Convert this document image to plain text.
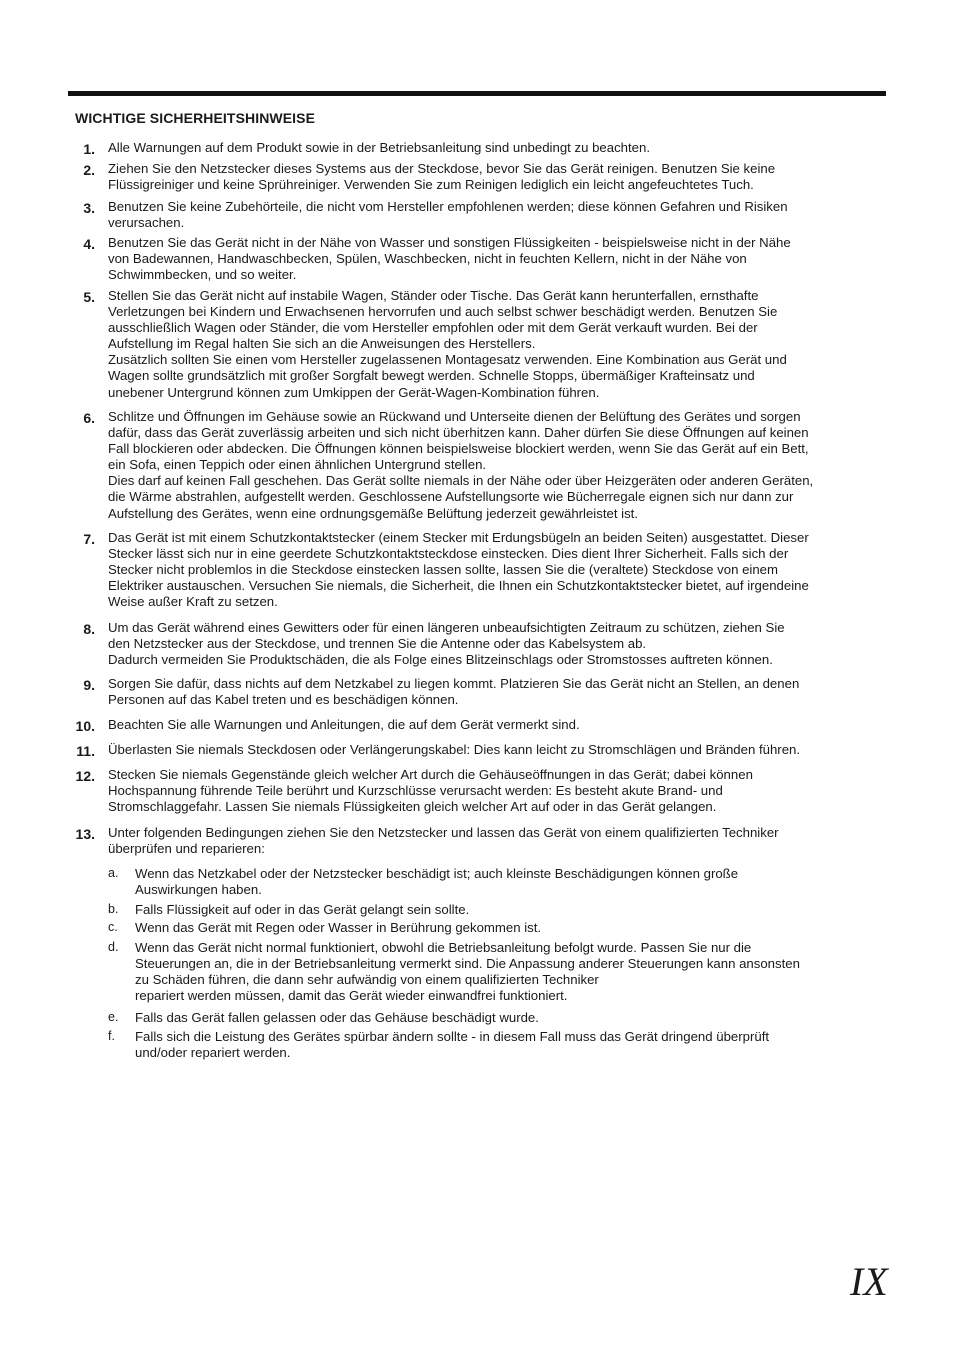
WICHTIGE SICHERHEITSHINWEISE
1. Alle Warnungen auf dem Produkt sowie in der Betriebsanleitung sind unbedingt zu beachten.

2. Ziehen Sie den Netzstecker dieses Systems aus der Steckdose, bevor Sie das Gerät reinigen. Benutzen Sie keine

Flüssigreiniger und keine Sprühreiniger. Verwenden Sie zum Reinigen lediglich ein leicht angefeuchtetes Tuch.

3. Benutzen Sie keine Zubehörteile, die nicht vom Hersteller empfohlenen werden; diese können Gefahren und Risiken

verursachen.

4. Benutzen Sie das Gerät nicht in der Nähe von Wasser und sonstigen Flüssigkeiten - beispielsweise nicht in der Nähe

von Badewannen, Handwaschbecken, Spülen, Waschbecken, nicht in feuchten Kellern, nicht in der Nähe von

Schwimmbecken, und so weiter.

5. Stellen Sie das Gerät nicht auf instabile Wagen, Ständer oder Tische. Das Gerät kann herunterfallen, ernsthafte

Verletzungen bei Kindern und Erwachsenen hervorrufen und auch selbst schwer beschädigt werden. Benutzen Sie

ausschließlich Wagen oder Ständer, die vom Hersteller empfohlen oder mit dem Gerät verkauft wurden. Bei der

Aufstellung im Regal halten Sie sich an die Anweisungen des Herstellers.

Zusätzlich sollten Sie einen vom Hersteller zugelassenen Montagesatz verwenden. Eine Kombination aus Gerät und

Wagen sollte grundsätzlich mit großer Sorgfalt bewegt werden. Schnelle Stopps, übermäßiger Krafteinsatz und

unebener Untergrund können zum Umkippen der Gerät-Wagen-Kombination führen.

6. Schlitze und Öffnungen im Gehäuse sowie an Rückwand und Unterseite dienen der Belüftung des Gerätes und sorgen

dafür, dass das Gerät zuverlässig arbeiten und sich nicht überhitzen kann. Daher dürfen Sie diese Öffnungen auf keinen

Fall blockieren oder abdecken. Die Öffnungen können beispielsweise blockiert werden, wenn Sie das Gerät auf ein Bett,

ein Sofa, einen Teppich oder einen ähnlichen Untergrund stellen.

Dies darf auf keinen Fall geschehen. Das Gerät sollte niemals in der Nähe oder über Heizgeräten oder anderen Geräten,

die Wärme abstrahlen, aufgestellt werden. Geschlossene Aufstellungsorte wie Bücherregale eignen sich nur dann zur

Aufstellung des Gerätes, wenn eine ordnungsgemäße Belüftung jederzeit gewährleistet ist.

7. Das Gerät ist mit einem Schutzkontaktstecker (einem Stecker mit Erdungsbügeln an beiden Seiten) ausgestattet. Dieser

Stecker lässt sich nur in eine geerdete Schutzkontaktsteckdose einstecken. Dies dient Ihrer Sicherheit. Falls sich der

Stecker nicht problemlos in die Steckdose einstecken lassen sollte, lassen Sie die (veraltete) Steckdose von einem

Elektriker austauschen. Versuchen Sie niemals, die Sicherheit, die Ihnen ein Schutzkontaktstecker bietet, auf irgendeine

Weise außer Kraft zu setzen.

8. Um das Gerät während eines Gewitters oder für einen längeren unbeaufsichtigten Zeitraum zu schützen, ziehen Sie

den Netzstecker aus der Steckdose, und trennen Sie die Antenne oder das Kabelsystem ab.

Dadurch vermeiden Sie Produktschäden, die als Folge eines Blitzeinschlags oder Stromstosses auftreten können.

9. Sorgen Sie dafür, dass nichts auf dem Netzkabel zu liegen kommt. Platzieren Sie das Gerät nicht an Stellen, an denen

Personen auf das Kabel treten und es beschädigen können.

10. Beachten Sie alle Warnungen und Anleitungen, die auf dem Gerät vermerkt sind.

11. Überlasten Sie niemals Steckdosen oder Verlängerungskabel: Dies kann leicht zu Stromschlägen und Bränden führen.

12. Stecken Sie niemals Gegenstände gleich welcher Art durch die Gehäuseöffnungen in das Gerät; dabei können

Hochspannung führende Teile berührt und Kurzschlüsse verursacht werden: Es besteht akute Brand- und

Stromschlaggefahr. Lassen Sie niemals Flüssigkeiten gleich welcher Art auf oder in das Gerät gelangen.

13. Unter folgenden Bedingungen ziehen Sie den Netzstecker und lassen das Gerät von einem qualifizierten Techniker

überprüfen und reparieren:

a.	Wenn das Netzkabel oder der Netzstecker beschädigt ist; auch kleinste Beschädigungen können große

Auswirkungen haben.

b.	Falls Flüssigkeit auf oder in das Gerät gelangt sein sollte.

c.	Wenn das Gerät mit Regen oder Wasser in Berührung gekommen ist.

d.	Wenn das Gerät nicht normal funktioniert, obwohl die Betriebsanleitung befolgt wurde. Passen Sie nur die

Steuerungen an, die in der Betriebsanleitung vermerkt sind. Die Anpassung anderer Steuerungen kann ansonsten

zu Schäden führen, die dann sehr aufwändig von einem qualifizierten Techniker

repariert werden müssen, damit das Gerät wieder einwandfrei funktioniert.

e.	Falls das Gerät fallen gelassen oder das Gehäuse beschädigt wurde.

f.	Falls sich die Leistung des Gerätes spürbar ändern sollte - in diesem Fall muss das Gerät dringend überprüft

und/oder repariert werden.

IX
